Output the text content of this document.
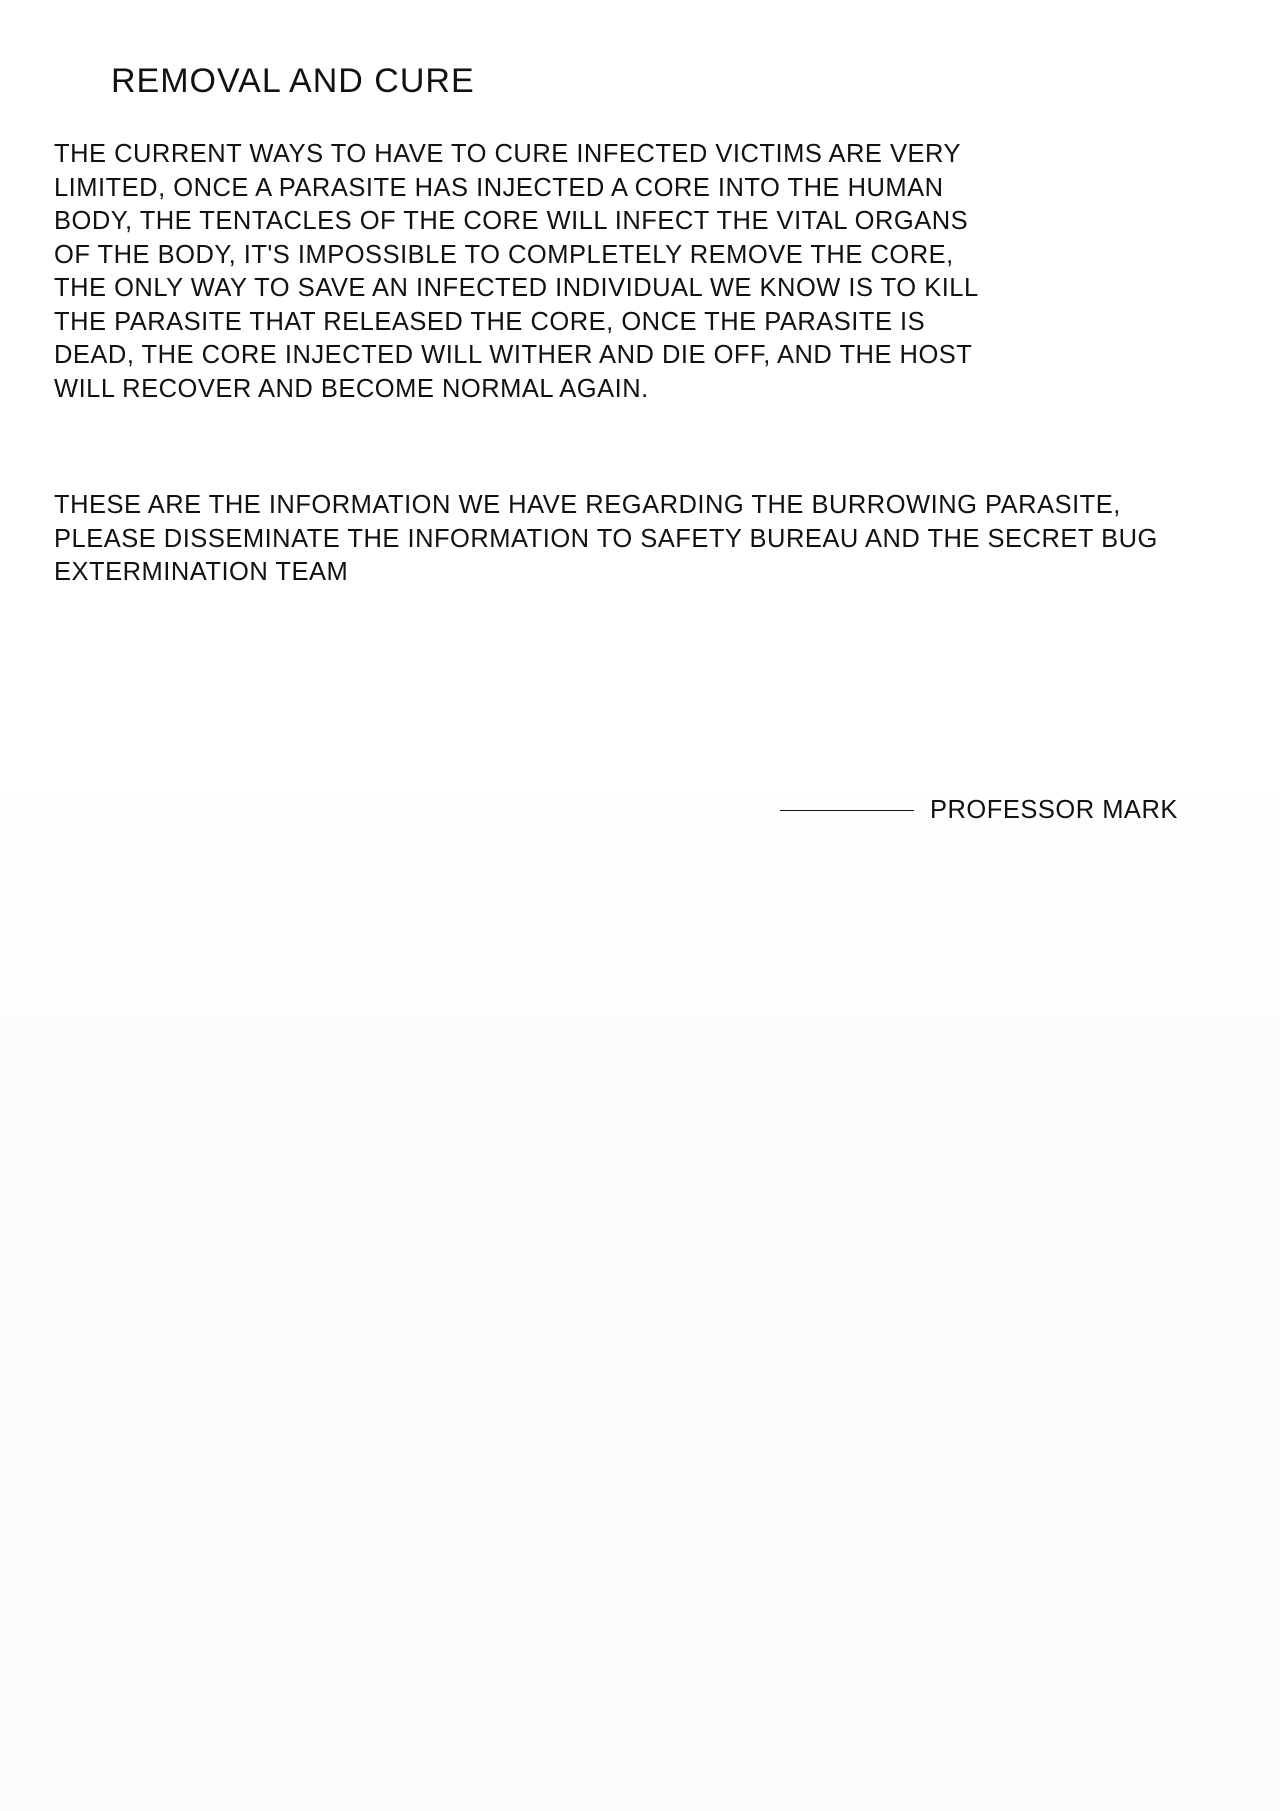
REMOVAL AND CURE

THE CURRENT WAYS TO HAVE TO CURE INFECTED VICTIMS ARE VERY
LIMITED, ONCE A PARASITE HAS INJECTED A CORE INTO THE HUMAN
BODY, THE TENTACLES OF THE CORE WILL INFECT THE VITAL ORGANS
OF THE BODY, IT'S IMPOSSIBLE TO COMPLETELY REMOVE THE CORE,
THE ONLY WAY TO SAVE AN INFECTED INDIVIDUAL WE KNOW IS TO KILL
THE PARASITE THAT RELEASED THE CORE, ONCE THE PARASITE IS
DEAD, THE CORE INJECTED WILL WITHER AND DIE OFF, AND THE HOST
WILL RECOVER AND BECOME NORMAL AGAIN.

THESE ARE THE INFORMATION WE HAVE REGARDING THE BURROWING PARASITE,
PLEASE DISSEMINATE THE INFORMATION TO SAFETY BUREAU AND THE SECRET BUG
EXTERMINATION TEAM

PROFESSOR MARK
